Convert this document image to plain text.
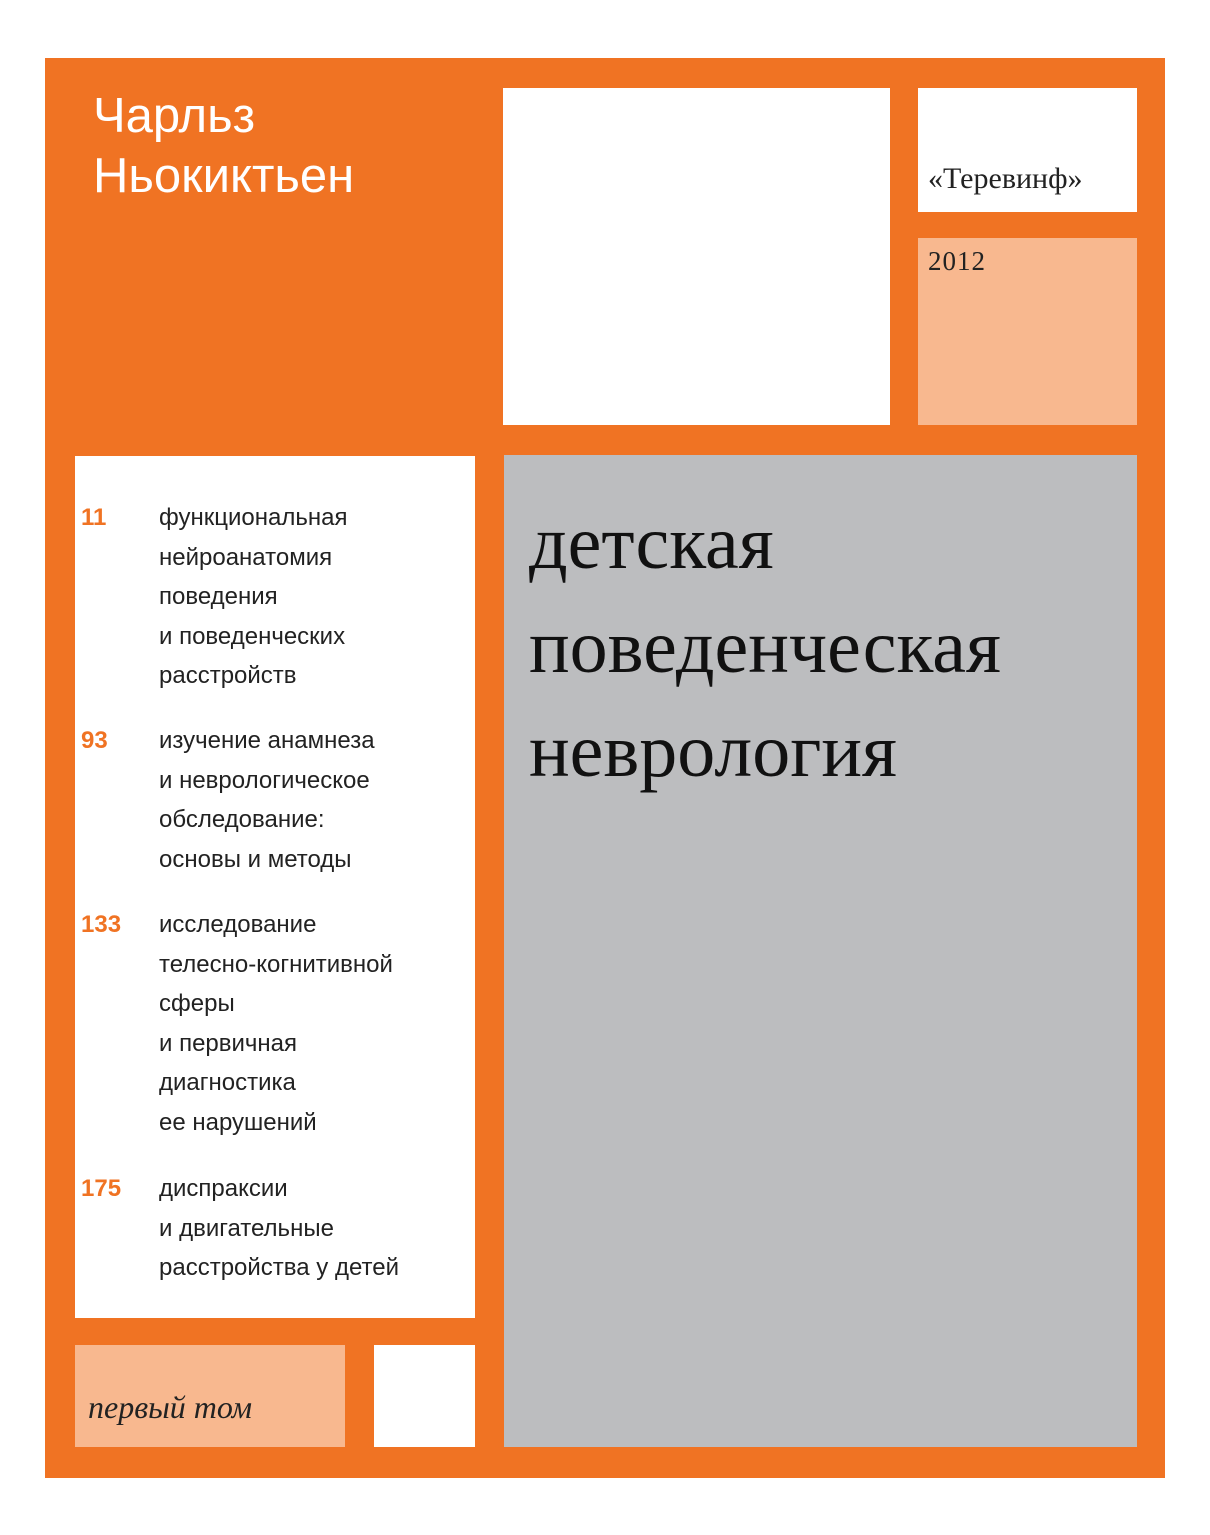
Чарльз
Ньокиктьен	«Теревинф»
2012
11 функциональная
нейроанатомия
поведения
и поведенческих
расстройств
93 изучение анамнеза
и неврологическое
обследование:
основы и методы
133 исследование
телесно-когнитивной
сферы
и первичная
диагностика
ее нарушений
175 диспраксии
и двигательные
расстройства у детей
детская
поведенческая
неврология
первый том
